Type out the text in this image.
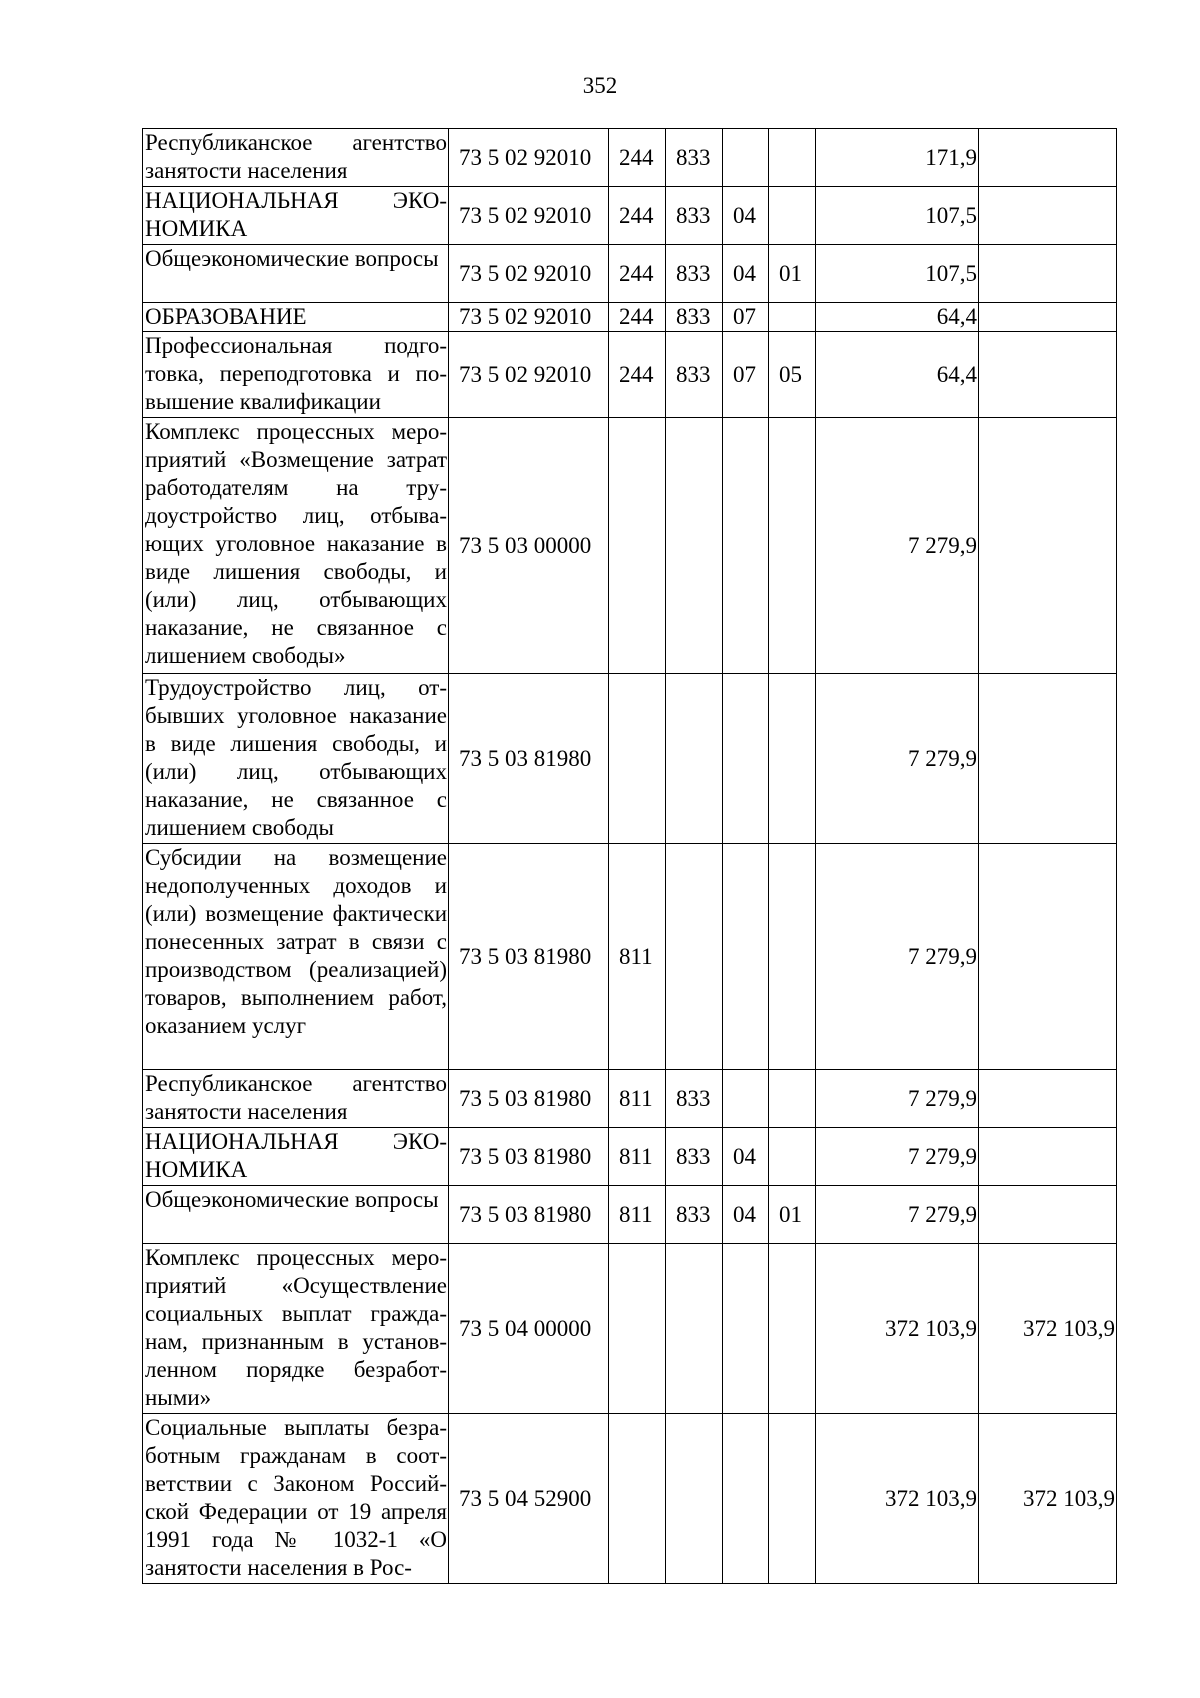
352
Республиканское агентство занятости населения	73 5 02 92010	244	833			171,9	
НАЦИОНАЛЬНАЯ ЭКОНОМИКА	73 5 02 92010	244	833	04		107,5	
Общеэкономические вопросы	73 5 02 92010	244	833	04	01	107,5	
ОБРАЗОВАНИЕ	73 5 02 92010	244	833	07		64,4	
Профессиональная подготовка, переподготовка и повышение квалификации	73 5 02 92010	244	833	07	05	64,4	
Комплекс процессных мероприятий «Возмещение затрат работодателям на трудоустройство лиц, отбывающих уголовное наказание в виде лишения свободы, и (или) лиц, отбывающих наказание, не связанное с лишением свободы»	73 5 03 00000					7 279,9	
Трудоустройство лиц, отбывших уголовное наказание в виде лишения свободы, и (или) лиц, отбывающих наказание, не связанное с лишением свободы	73 5 03 81980					7 279,9	
Субсидии на возмещение недополученных доходов и (или) возмещение фактически понесенных затрат в связи с производством (реализацией) товаров, выполнением работ, оказанием услуг	73 5 03 81980	811				7 279,9	
Республиканское агентство занятости населения	73 5 03 81980	811	833			7 279,9	
НАЦИОНАЛЬНАЯ ЭКОНОМИКА	73 5 03 81980	811	833	04		7 279,9	
Общеэкономические вопросы	73 5 03 81980	811	833	04	01	7 279,9	
Комплекс процессных мероприятий «Осуществление социальных выплат гражданам, признанным в установленном порядке безработными»	73 5 04 00000					372 103,9	372 103,9
Социальные выплаты безработным гражданам в соответствии с Законом Российской Федерации от 19 апреля 1991 года № 1032-1 «О занятости населения в Рос-	73 5 04 52900					372 103,9	372 103,9
